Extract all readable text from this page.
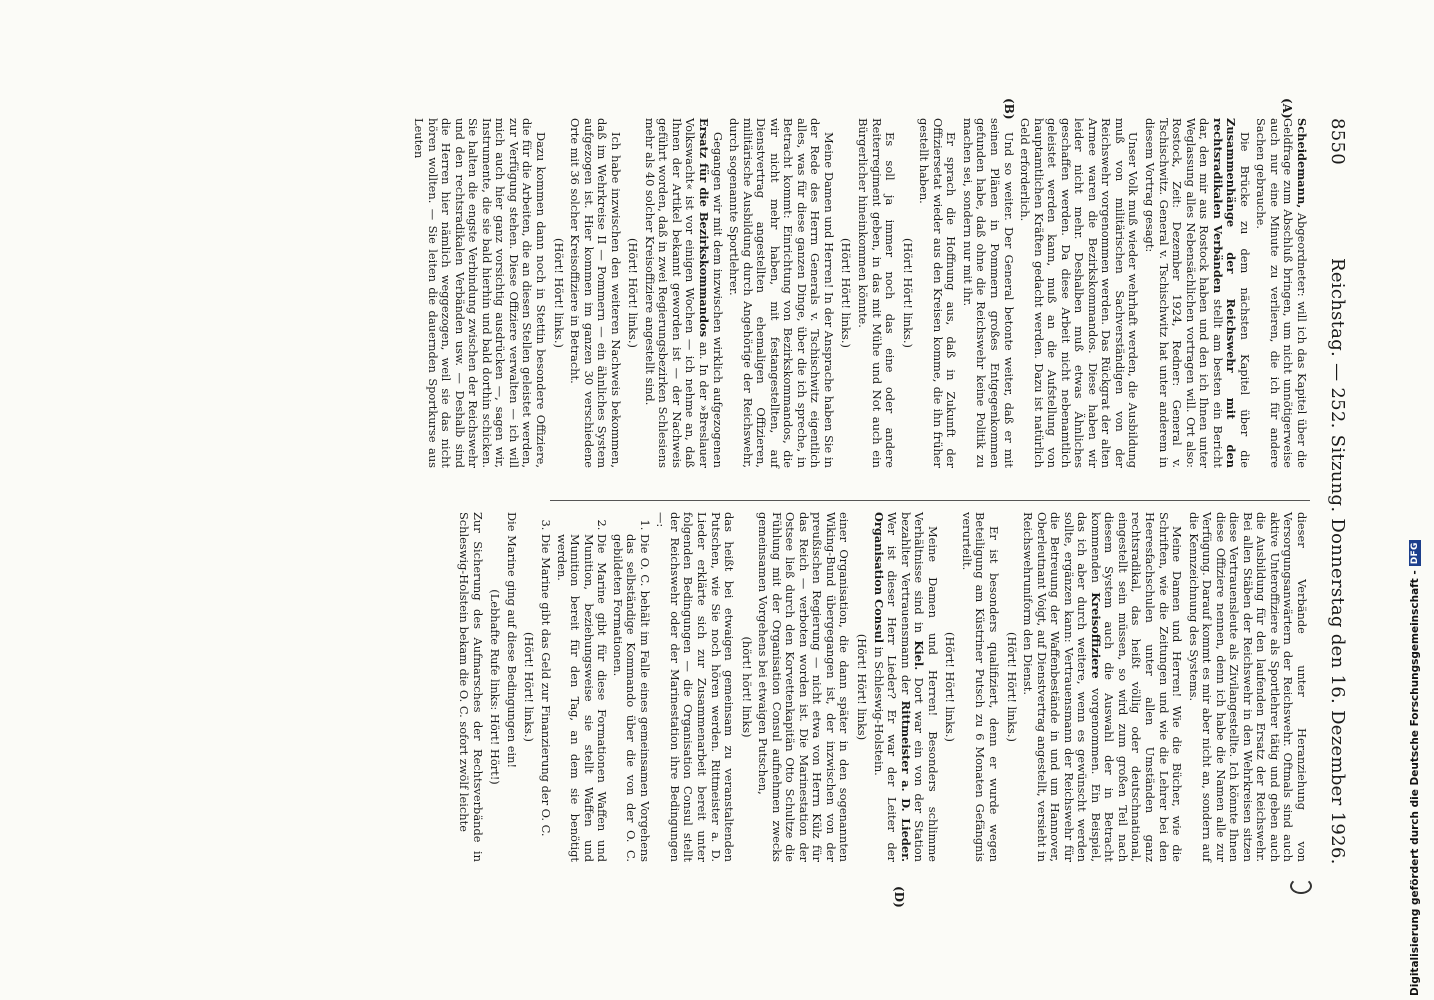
8550
Reichstag. — 252. Sitzung. Donnerstag den 16. Dezember 1926.
(A)
(B)
(D)

Scheidemann, Abgeordneter: will ich das Kapitel über die Geldfrage zum Abschluß bringen, um nicht unnötigerweise auch nur eine Minute zu verlieren, die ich für andere Sachen gebrauche.

Die Brücke zu dem nächsten Kapitel über die Zusammenhänge der Reichswehr mit den rechtsradikalen Verbänden stellt am besten ein Bericht dar, den mir aus Rostock haben und den ich Ihnen unter Weglassung alles Nebensächlichen vortragen will. Ort also: Rostock, Zeit: Dezember 1924, Redner: General v. Tschischwitz. General v. Tschischwitz hat unter anderem in diesem Vortrag gesagt:

Unser Volk muß wieder wehrhaft werden, die Ausbildung muß von militärischen Sachverständigen von der Reichswehr vorgenommen werden. Das Rückgrat der alten Armee waren die Bezirkskommandos. Diese haben wir leider nicht mehr. Deshalben muß etwas Ähnliches geschaffen werden. Da diese Arbeit nicht nebenamtlich geleistet werden kann, muß an die Aufstellung von hauptamtlichen Kräften gedacht werden. Dazu ist natürlich Geld erforderlich.

Und so weiter. Der General betonte weiter, daß er mit seinen Plänen in Pommern großes Entgegenkommen gefunden habe, daß ohne die Reichswehr keine Politik zu machen sei, sondern nur mit ihr.

Er sprach die Hoffnung aus, daß in Zukunft der Offiziersetat wieder aus den Kreisen komme, die ihn früher gestellt haben.

(Hört! Hört! links.)

Es soll ja immer noch das eine oder andere Reiterregiment geben, in das mit Mühe und Not auch ein Bürgerlicher hineinkommen könnte.

(Hört! Hört! links.)

Meine Damen und Herren! In der Ansprache haben Sie in der Rede des Herrn Generals v. Tschischwitz eigentlich alles, was für diese ganzen Dinge, über die ich spreche, in Betracht kommt: Einrichtung von Bezirkskommandos, die wir nicht mehr haben, mit festangestellten, auf Dienstvertrag angestellten ehemaligen Offizieren, militärische Ausbildung durch Angehörige der Reichswehr, durch sogenannte Sportlehrer.

Gegangen wir mit dem inzwischen wirklich aufgezogenen Ersatz für die Bezirkskommandos an. In der »Breslauer Volkswacht« ist vor einigen Wochen — ich nehme an, daß Ihnen der Artikel bekannt geworden ist — der Nachweis geführt worden, daß in zwei Regierungsbezirken Schlesiens mehr als 40 solcher Kreisoffiziere angestellt sind.

(Hört! Hört! links.)

Ich habe inzwischen den weiteren Nachweis bekommen, daß im Wehrkreise II — Pommern — ein ähnliches System aufgezogen ist. Hier kommen im ganzen 30 verschiedene Orte mit 36 solcher Kreisoffiziere in Betracht.

(Hört! Hört! links.)

Dazu kommen dann noch in Stettin besondere Offiziere, die für die Arbeiten, die an diesen Stellen geleistet werden, zur Verfügung stehen. Diese Offiziere verwalten — ich will mich auch hier ganz vorsichtig ausdrücken —, sagen wir, Instrumente, die sie bald hierhin und bald dorthin schicken. Sie halten die engste Verbindung zwischen der Reichswehr und den rechtsradikalen Verbänden usw. — Deshalb sind die Herren hier nämlich weggezogen, weil sie das nicht hören wollten. — Sie leiten die dauernden Sportkurse aus Leuten

dieser Verbände unter Heranziehung von Versorgungsanwärtern der Reichswehr. Oftmals sind auch aktive Unteroffiziere als Sportlehrer tätig und geben auch die Ausbildung für den laufenden Ersatz der Reichswehr. Bei allen Stäben der Reichswehr in den Wehrkreisen sitzen diese Vertrauensleute als Zivilangestellte. Ich könnte Ihnen diese Offiziere nennen, denn ich habe die Namen alle zur Verfügung. Darauf kommt es mir aber nicht an, sondern auf die Kennzeichnung des Systems.

Meine Damen und Herren! Wie die Bücher, wie die Schriften, wie die Zeitungen und wie die Lehrer bei den Heeresfachschulen unter allen Umständen ganz rechtsradikal, das heißt völlig oder deutschnational, eingestellt sein müssen, so wird zum großen Teil nach diesem System auch die Auswahl der in Betracht kommenden Kreisoffiziere vorgenommen. Ein Beispiel, das ich aber durch weitere, wenn es gewünscht werden sollte, ergänzen kann: Vertrauensmann der Reichswehr für die Betreuung der Waffenbestände in und um Hannover, Oberleutnant Voigt, auf Dienstvertrag angestellt, versieht in Reichswehruniform den Dienst.

(Hört! Hört! links.)

Er ist besonders qualifiziert, denn er wurde wegen Beteiligung am Küstriner Putsch zu 6 Monaten Gefängnis verurteilt.

(Hört! Hört! links.)

Meine Damen und Herren! Besonders schlimme Verhältnisse sind in Kiel. Dort war ein von der Station bezahlter Vertrauensmann der Rittmeister a. D. Lieder. Wer ist dieser Herr Lieder? Er war der Leiter der Organisation Consul in Schleswig-Holstein.

(Hört! Hört! links)

einer Organisation, die dann später in den sogenannten Wiking-Bund übergegangen ist, der inzwischen von der preußischen Regierung — nicht etwa von Herrn Külz für das Reich — verboten worden ist. Die Marinestation der Ostsee ließ durch den Korvettenkapitän Otto Schultze die Fühlung mit der Organisation Consul aufnehmen zwecks gemeinsamen Vorgehens bei etwaigen Putschen,

(hört! hört! links)

das heißt bei etwaigen gemeinsam zu veranstaltenden Putschen, wie Sie noch hören werden. Rittmeister a. D. Lieder erklärte sich zur Zusammenarbeit bereit unter folgenden Bedingungen — die Organisation Consul stellt der Reichswehr oder der Marinestation ihre Bedingungen —:

1. Die O. C. behält im Falle eines gemeinsamen Vorgehens das selbständige Kommando über die von der O. C. gebildeten Formationen.
2. Die Marine gibt für diese Formationen Waffen und Munition, beziehungsweise sie stellt Waffen und Munition bereit für den Tag, an dem sie benötigt werden.
3. Die Marine gibt das Geld zur Finanzierung der O. C.

(Hört! Hört! links.)

Die Marine ging auf diese Bedingungen ein!

(Lebhafte Rufe links: Hört! Hört!)

Zur Sicherung des Aufmarsches der Rechtsverbände in Schleswig-Holstein bekam die O. C. sofort zwölf leichte	Digitalisierung gefördert durch die Deutsche Forschungsgemeinschaft -
DFG
